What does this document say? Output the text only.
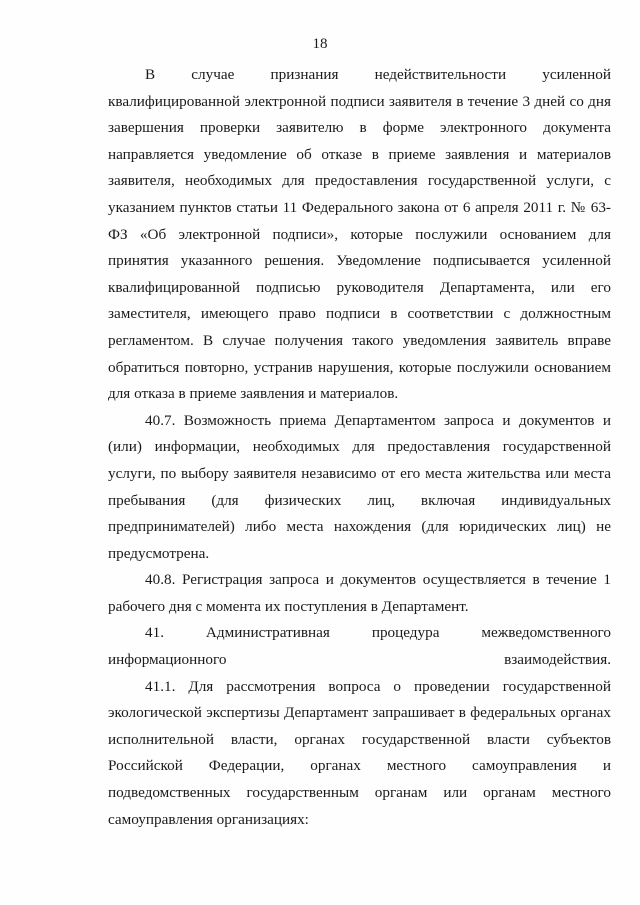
18

В случае признания недействительности усиленной квалифицированной электронной подписи заявителя в течение 3 дней со дня завершения проверки заявителю в форме электронного документа направляется уведомление об отказе в приеме заявления и материалов заявителя, необходимых для предоставления государственной услуги, с указанием пунктов статьи 11 Федерального закона от 6 апреля 2011 г. № 63-ФЗ «Об электронной подписи», которые послужили основанием для принятия указанного решения. Уведомление подписывается усиленной квалифицированной подписью руководителя Департамента, или его заместителя, имеющего право подписи в соответствии с должностным регламентом. В случае получения такого уведомления заявитель вправе обратиться повторно, устранив нарушения, которые послужили основанием для отказа в приеме заявления и материалов.

40.7. Возможность приема Департаментом запроса и документов и (или) информации, необходимых для предоставления государственной услуги, по выбору заявителя независимо от его места жительства или места пребывания (для физических лиц, включая индивидуальных предпринимателей) либо места нахождения (для юридических лиц) не предусмотрена.

40.8. Регистрация запроса и документов осуществляется в течение 1 рабочего дня с момента их поступления в Департамент.

41. Административная процедура межведомственного информационного взаимодействия.

41.1. Для рассмотрения вопроса о проведении государственной экологической экспертизы Департамент запрашивает в федеральных органах исполнительной власти, органах государственной власти субъектов Российской Федерации, органах местного самоуправления и подведомственных государственным органам или органам местного самоуправления организациях:
